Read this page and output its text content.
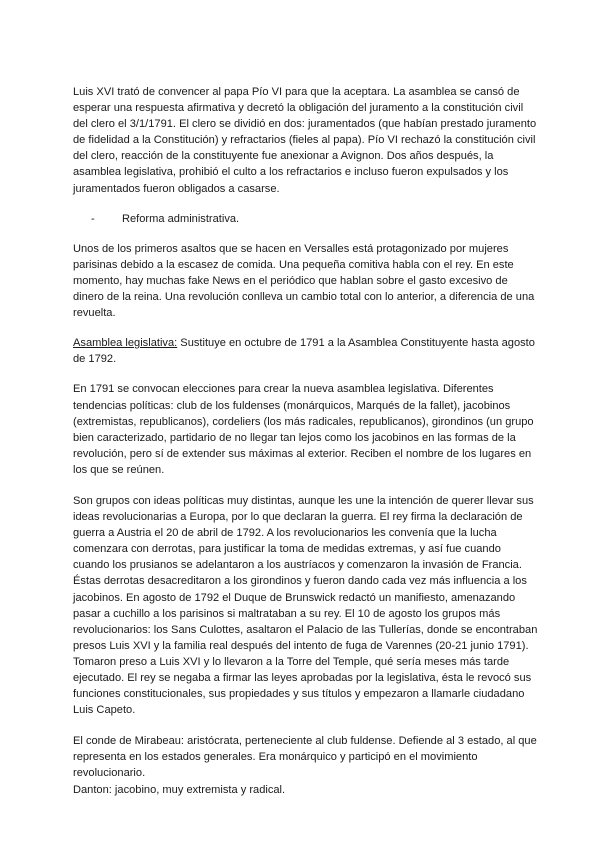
Luis XVI trató de convencer al papa Pío VI para que la aceptara. La asamblea se cansó de esperar una respuesta afirmativa y decretó la obligación del juramento a la constitución civil del clero el 3/1/1791. El clero se dividió en dos: juramentados (que habían prestado juramento de fidelidad a la Constitución) y refractarios (fieles al papa). Pío VI rechazó la constitución civil del clero, reacción de la constituyente fue anexionar a Avignon. Dos años después, la asamblea legislativa, prohibió el culto a los refractarios e incluso fueron expulsados y los juramentados fueron obligados a casarse.

-	Reforma administrativa.

Unos de los primeros asaltos que se hacen en Versalles está protagonizado por mujeres parisinas debido a la escasez de comida. Una pequeña comitiva habla con el rey. En este momento, hay muchas fake News en el periódico que hablan sobre el gasto excesivo de dinero de la reina. Una revolución conlleva un cambio total con lo anterior, a diferencia de una revuelta.

Asamblea legislativa: Sustituye en octubre de 1791 a la Asamblea Constituyente hasta agosto de 1792.

En 1791 se convocan elecciones para crear la nueva asamblea legislativa. Diferentes tendencias políticas: club de los fuldenses (monárquicos, Marqués de la fallet), jacobinos (extremistas, republicanos), cordeliers (los más radicales, republicanos), girondinos (un grupo bien caracterizado, partidario de no llegar tan lejos como los jacobinos en las formas de la revolución, pero sí de extender sus máximas al exterior. Reciben el nombre de los lugares en los que se reúnen.

Son grupos con ideas políticas muy distintas, aunque les une la intención de querer llevar sus ideas revolucionarias a Europa, por lo que declaran la guerra. El rey firma la declaración de guerra a Austria el 20 de abril de 1792. A los revolucionarios les convenía que la lucha comenzara con derrotas, para justificar la toma de medidas extremas, y así fue cuando cuando los prusianos se adelantaron a los austríacos y comenzaron la invasión de Francia. Éstas derrotas desacreditaron a los girondinos y fueron dando cada vez más influencia a los jacobinos. En agosto de 1792 el Duque de Brunswick redactó un manifiesto, amenazando pasar a cuchillo a los parisinos si maltrataban a su rey. El 10 de agosto los grupos más revolucionarios: los Sans Culottes, asaltaron el Palacio de las Tullerías, donde se encontraban presos Luis XVI y la familia real después del intento de fuga de Varennes (20-21 junio 1791). Tomaron preso a Luis XVI y lo llevaron a la Torre del Temple, qué sería meses más tarde ejecutado. El rey se negaba a firmar las leyes aprobadas por la legislativa, ésta le revocó sus funciones constitucionales, sus propiedades y sus títulos y empezaron a llamarle ciudadano Luis Capeto.

El conde de Mirabeau: aristócrata, perteneciente al club fuldense. Defiende al 3 estado, al que representa en los estados generales. Era monárquico y participó en el movimiento revolucionario.

Danton: jacobino, muy extremista y radical.
